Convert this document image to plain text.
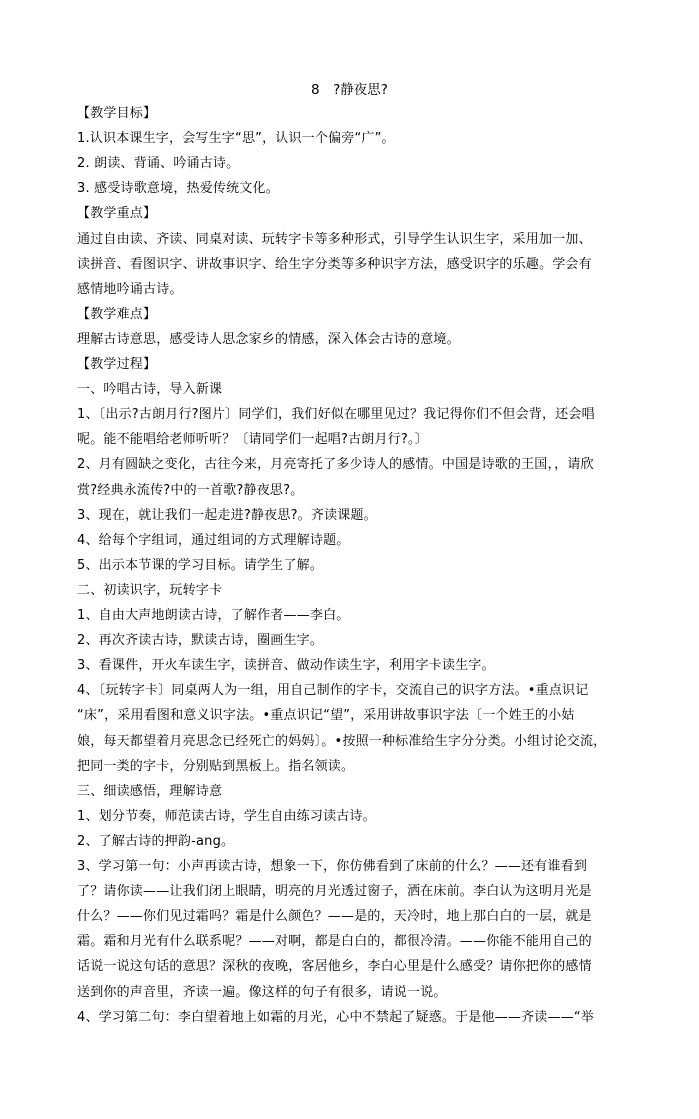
8　?静夜思?
【教学目标】
1.认识本课生字，会写生字“思”，认识一个偏旁“广”。
2. 朗读、背诵、吟诵古诗。
3. 感受诗歌意境，热爱传统文化。
【教学重点】
通过自由读、齐读、同桌对读、玩转字卡等多种形式，引导学生认识生字，采用加一加、
读拼音、看图识字、讲故事识字、给生字分类等多种识字方法，感受识字的乐趣。学会有
感情地吟诵古诗。
【教学难点】
理解古诗意思，感受诗人思念家乡的情感，深入体会古诗的意境。
【教学过程】
一、吟唱古诗，导入新课
1、〔出示?古朗月行?图片〕同学们，我们好似在哪里见过？我记得你们不但会背，还会唱
呢。能不能唱给老师听听？〔请同学们一起唱?古朗月行?。〕
2、月有圆缺之变化，古往今来，月亮寄托了多少诗人的感情。中国是诗歌的王国，，请欣
赏?经典永流传?中的一首歌?静夜思?。
3、现在，就让我们一起走进?静夜思?。齐读课题。
4、给每个字组词，通过组词的方式理解诗题。
5、出示本节课的学习目标。请学生了解。
二、初读识字，玩转字卡
1、自由大声地朗读古诗，了解作者——李白。
2、再次齐读古诗，默读古诗，圈画生字。
3、看课件，开火车读生字，读拼音、做动作读生字，利用字卡读生字。
4、〔玩转字卡〕同桌两人为一组，用自己制作的字卡，交流自己的识字方法。•重点识记
“床”，采用看图和意义识字法。•重点识记“望”，采用讲故事识字法〔一个姓王的小姑
娘，每天都望着月亮思念已经死亡的妈妈〕。•按照一种标准给生字分分类。小组讨论交流，
把同一类的字卡，分别贴到黑板上。指名领读。
三、细读感悟，理解诗意
1、划分节奏，师范读古诗，学生自由练习读古诗。
2、了解古诗的押韵-ang。
3、学习第一句：小声再读古诗，想象一下，你仿佛看到了床前的什么？——还有谁看到
了？请你读——让我们闭上眼睛，明亮的月光透过窗子，洒在床前。李白认为这明月光是
什么？——你们见过霜吗？霜是什么颜色？——是的，天冷时，地上那白白的一层，就是
霜。霜和月光有什么联系呢？——对啊，都是白白的，都很冷清。——你能不能用自己的
话说一说这句话的意思？深秋的夜晚，客居他乡，李白心里是什么感受？请你把你的感情
送到你的声音里，齐读一遍。像这样的句子有很多，请说一说。
4、学习第二句：李白望着地上如霜的月光，心中不禁起了疑惑。于是他——齐读——“举
